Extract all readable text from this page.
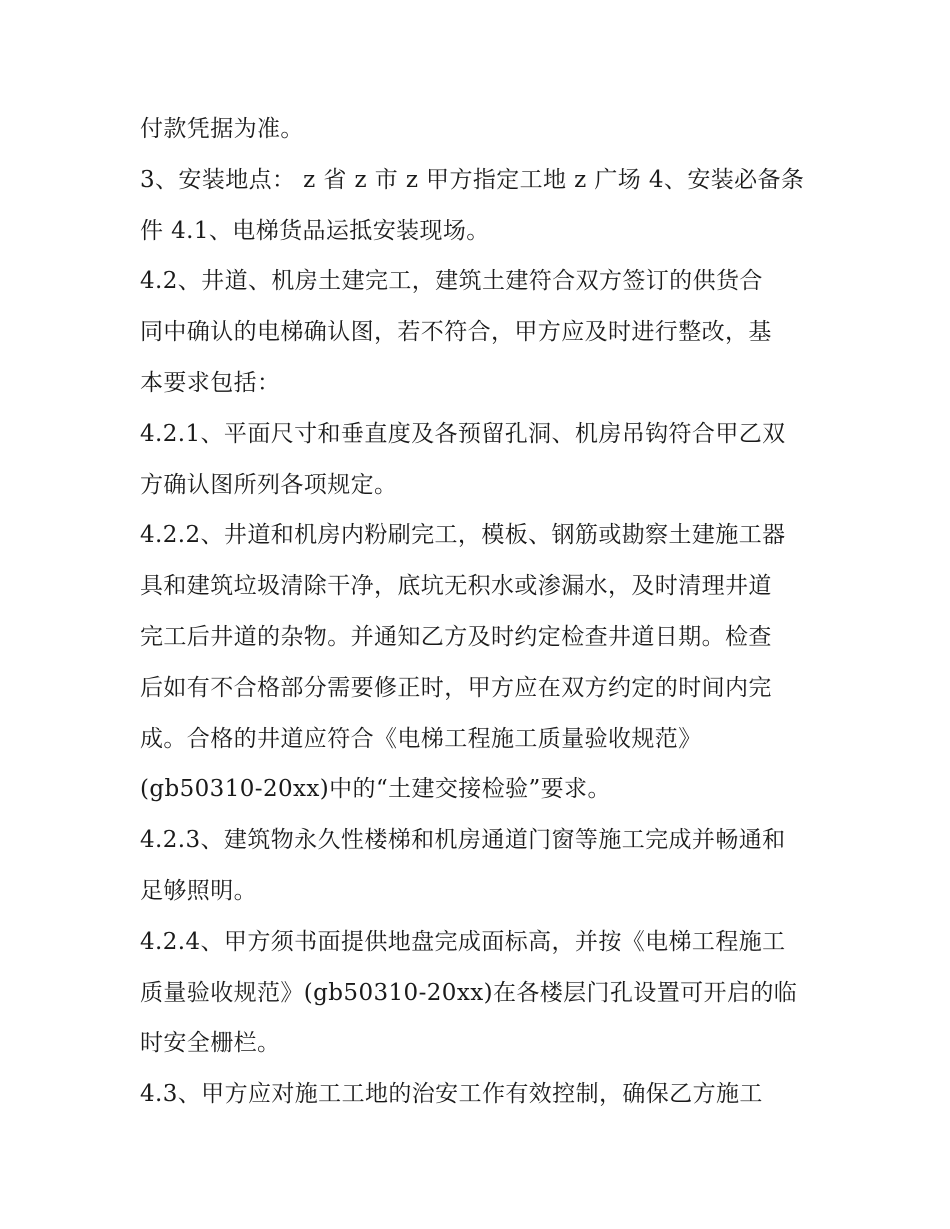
付款凭据为准。

3、安装地点： z 省 z 市 z 甲方指定工地 z 广场 4、安装必备条
件 4.1、电梯货品运抵安装现场。

4.2、井道、机房土建完工，建筑土建符合双方签订的供货合
同中确认的电梯确认图，若不符合，甲方应及时进行整改，基
本要求包括：

4.2.1、平面尺寸和垂直度及各预留孔洞、机房吊钩符合甲乙双
方确认图所列各项规定。

4.2.2、井道和机房内粉刷完工，模板、钢筋或勘察土建施工器
具和建筑垃圾清除干净，底坑无积水或渗漏水，及时清理井道
完工后井道的杂物。并通知乙方及时约定检查井道日期。检查
后如有不合格部分需要修正时，甲方应在双方约定的时间内完
成。合格的井道应符合《电梯工程施工质量验收规范》
(gb50310-20xx)中的“土建交接检验”要求。

4.2.3、建筑物永久性楼梯和机房通道门窗等施工完成并畅通和
足够照明。

4.2.4、甲方须书面提供地盘完成面标高，并按《电梯工程施工
质量验收规范》(gb50310-20xx)在各楼层门孔设置可开启的临
时安全栅栏。

4.3、甲方应对施工工地的治安工作有效控制，确保乙方施工
